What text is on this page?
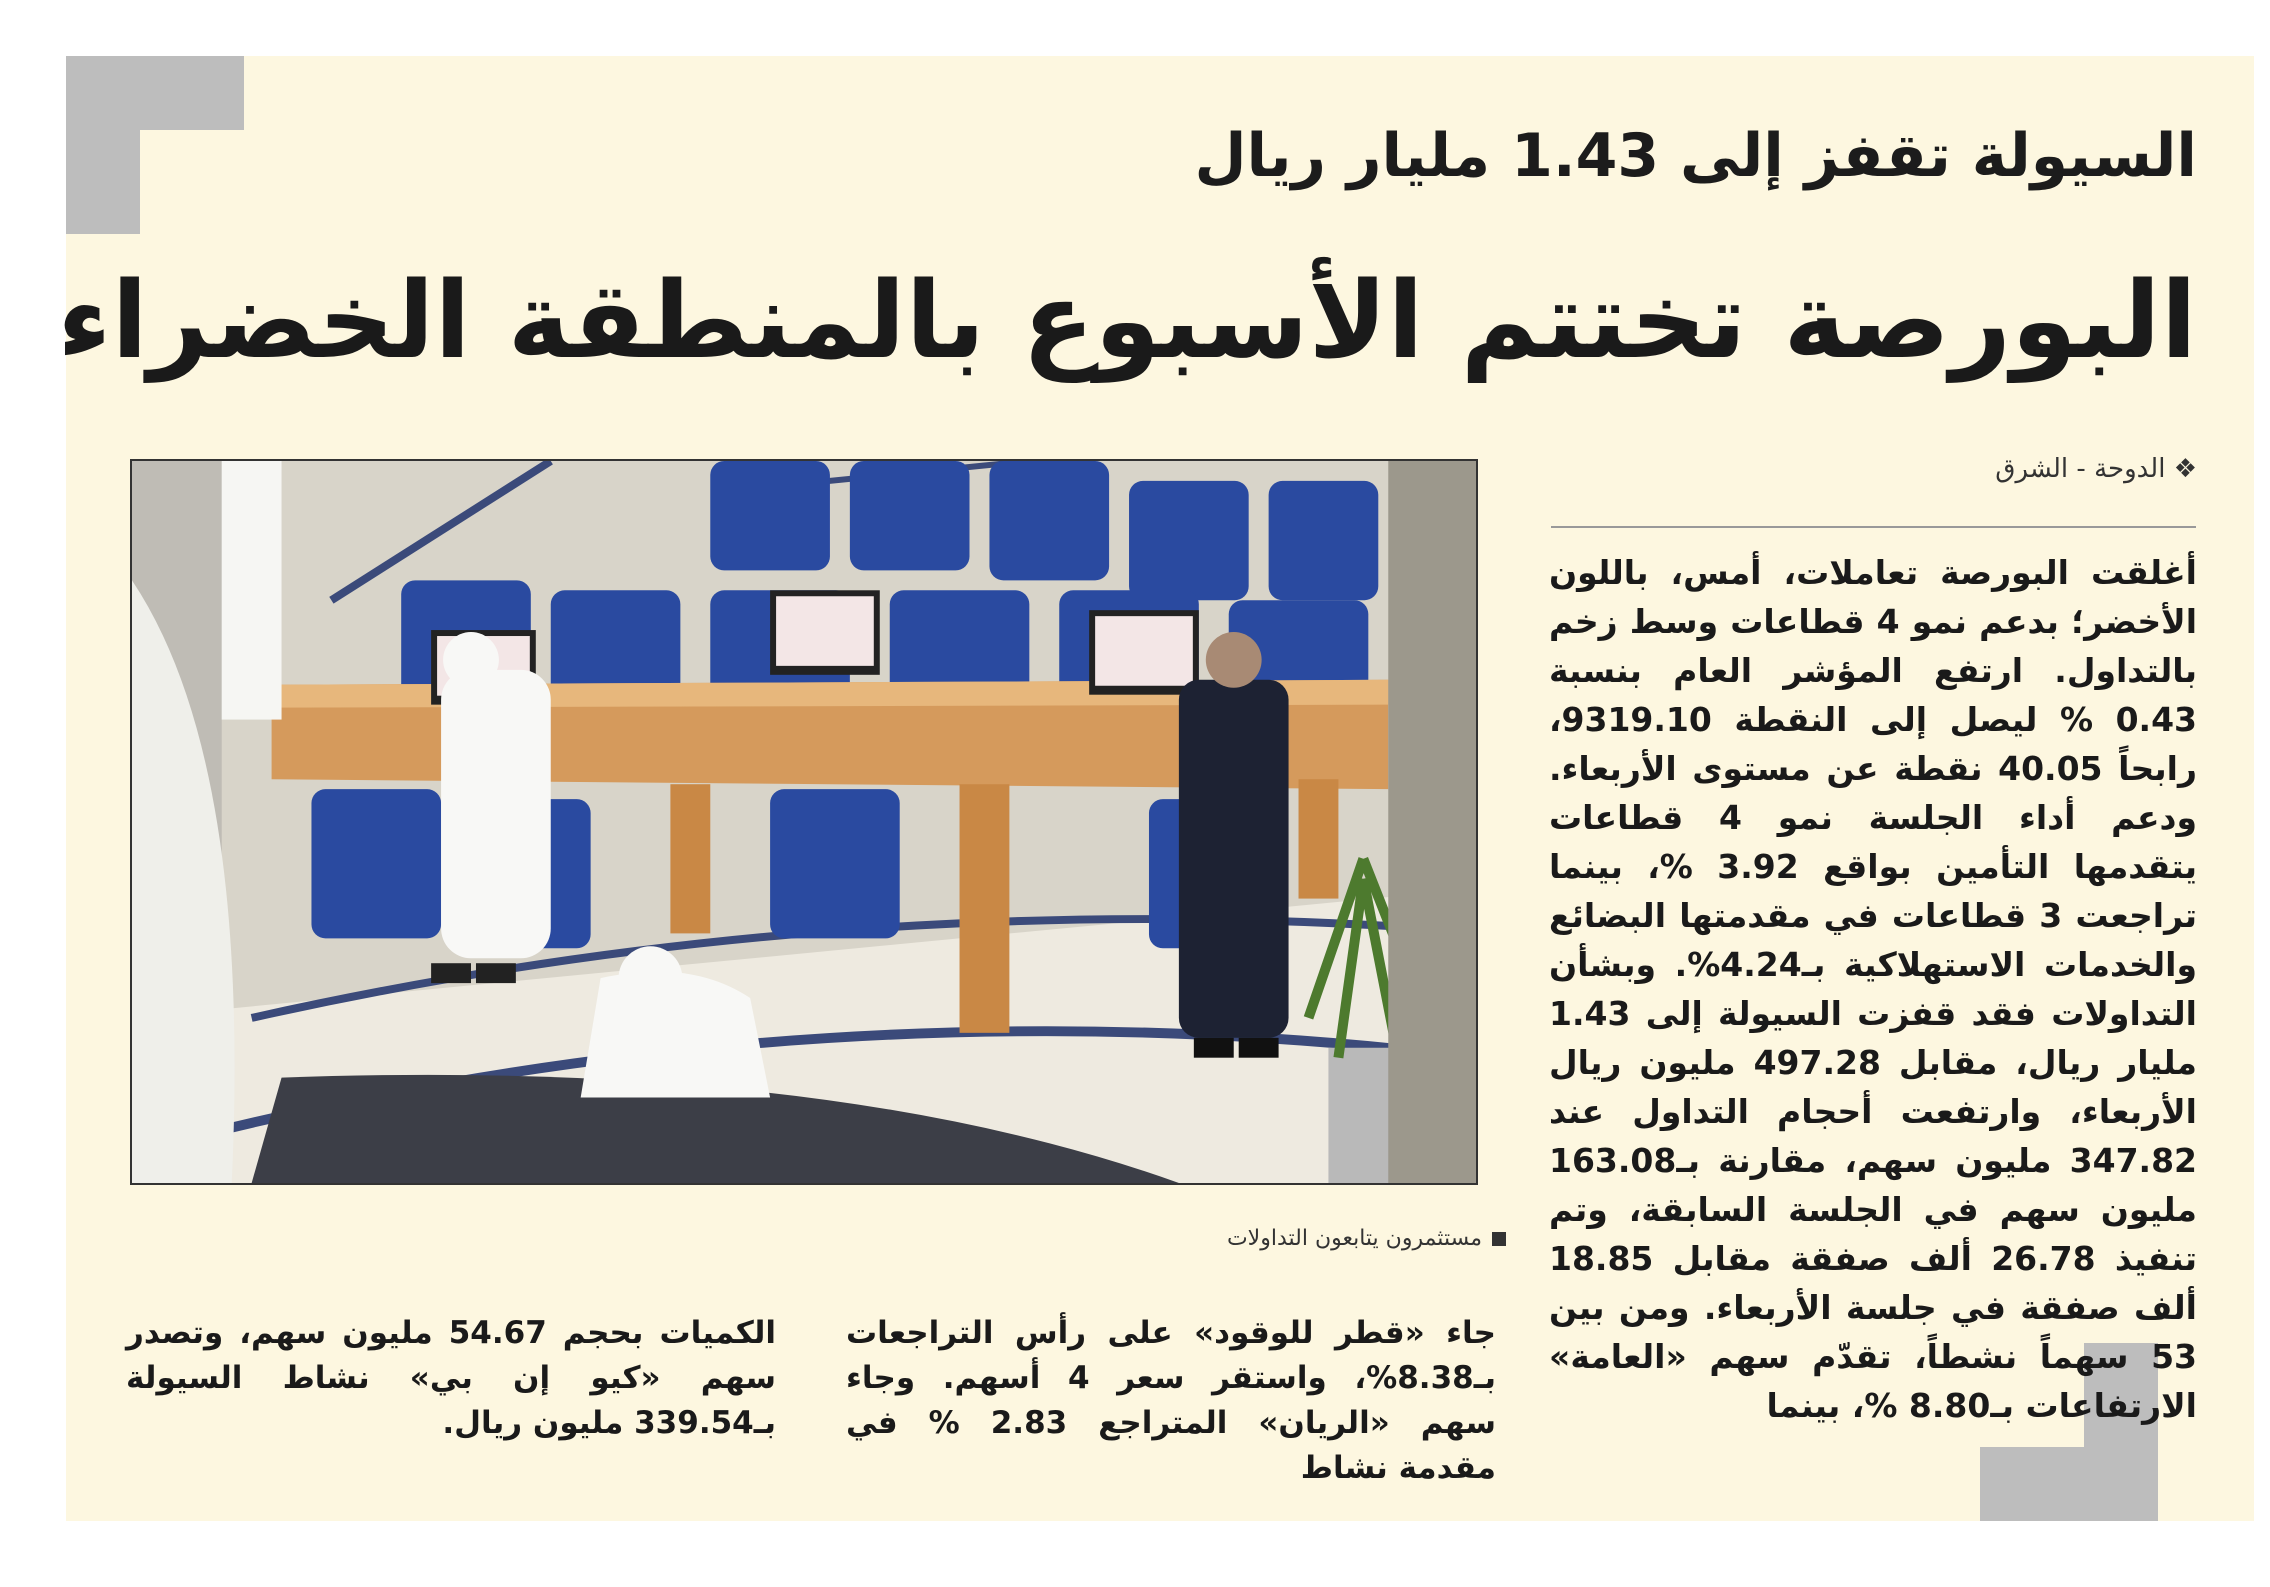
السيولة تقفز إلى 1.43 مليار ريال
البورصة تختتم الأسبوع بالمنطقة الخضراء
مستثمرون يتابعون التداولات
❖ الدوحة - الشرق
أغلقت البورصة تعاملات، أمس، باللون الأخضر؛ بدعم نمو 4 قطاعات وسط زخم بالتداول. ارتفع المؤشر العام بنسبة 0.43 % ليصل إلى النقطة 9319.10، رابحاً 40.05 نقطة عن مستوى الأربعاء. ودعم أداء الجلسة نمو 4 قطاعات يتقدمها التأمين بواقع 3.92 %، بينما تراجعت 3 قطاعات في مقدمتها البضائع والخدمات الاستهلاكية بـ4.24%. وبشأن التداولات فقد قفزت السيولة إلى 1.43 مليار ريال، مقابل 497.28 مليون ريال الأربعاء، وارتفعت أحجام التداول عند 347.82 مليون سهم، مقارنة بـ163.08 مليون سهم في الجلسة السابقة، وتم تنفيذ 26.78 ألف صفقة مقابل 18.85 ألف صفقة في جلسة الأربعاء. ومن بين 53 سهماً نشطاً، تقدّم سهم «العامة» الارتفاعات بـ8.80 %، بينما
جاء «قطر للوقود» على رأس التراجعات بـ8.38%، واستقر سعر 4 أسهم. وجاء سهم «الريان» المتراجع 2.83 % في مقدمة نشاط
الكميات بحجم 54.67 مليون سهم، وتصدر سهم «كيو إن بي» نشاط السيولة بـ339.54 مليون ريال.
